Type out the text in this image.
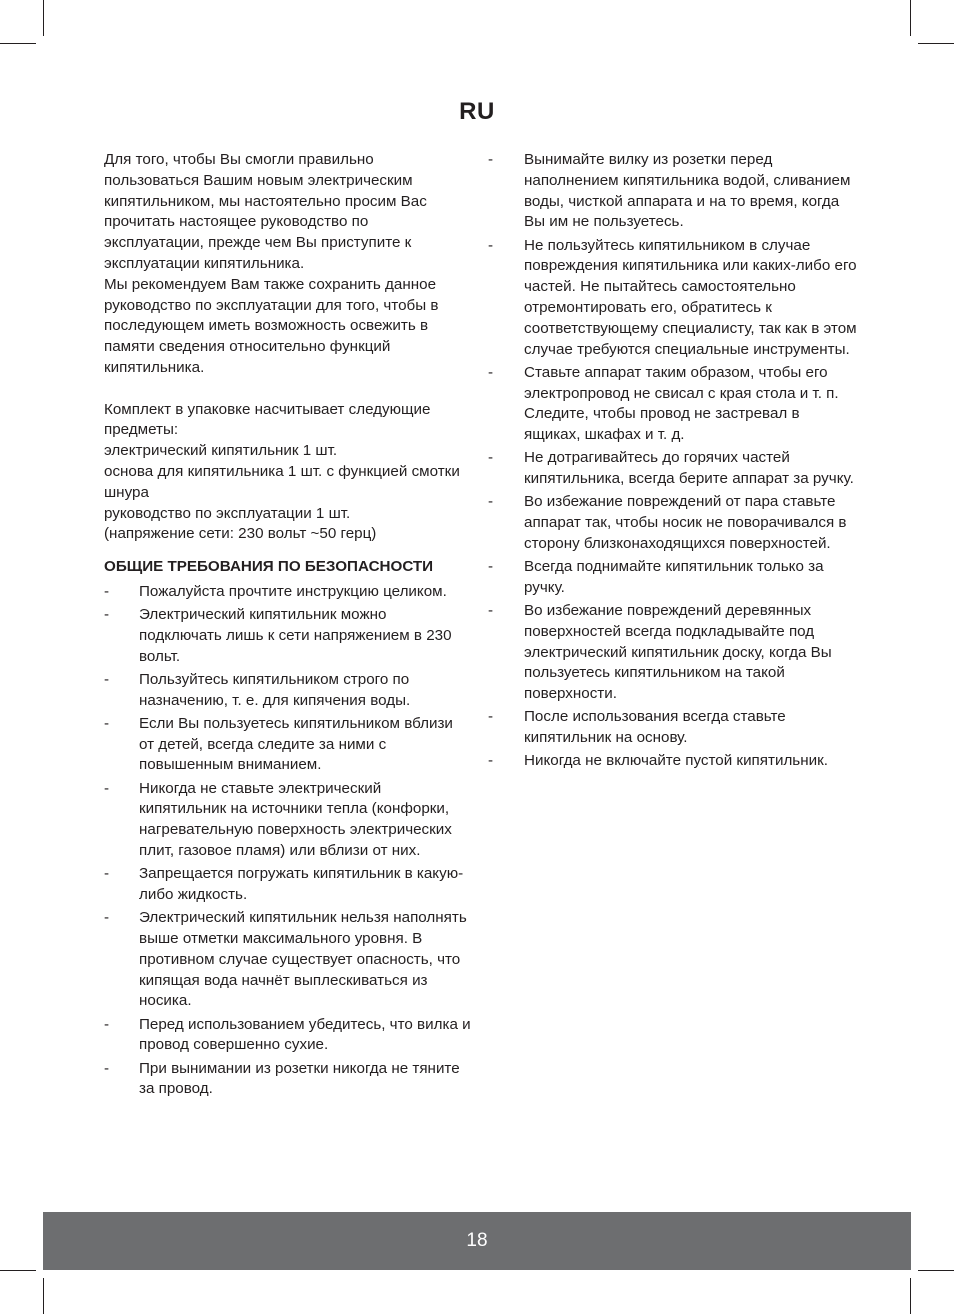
RU

Для того, чтобы Вы смогли правильно пользоваться Вашим новым электрическим кипятильником, мы настоятельно просим Вас прочитать настоящее руководство по эксплуатации, прежде чем Вы приступите к эксплуатации кипятильника.

Мы рекомендуем Вам также сохранить данное руководство по эксплуатации для того, чтобы в последующем иметь возможность освежить в памяти сведения относительно функций кипятильника.

Комплект в упаковке насчитывает следующие предметы:

электрический кипятильник 1 шт.

основа для кипятильника 1 шт. с функцией смотки шнура

руководство по эксплуатации 1 шт.

(напряжение сети: 230 вольт ~50 герц)

ОБЩИЕ ТРЕБОВАНИЯ ПО БЕЗОПАСНОСТИ
- Пожалуйста прочтите инструкцию целиком.
- Электрический кипятильник можно подключать лишь к сети напряжением в 230 вольт.
- Пользуйтесь кипятильником строго по назначению, т. е. для кипячения воды.
- Если Вы пользуетесь кипятильником вблизи от детей, всегда следите за ними с повышенным вниманием.
- Никогда не ставьте электрический кипятильник на источники тепла (конфорки, нагревательную поверхность электрических плит, газовое пламя) или вблизи от них.
- Запрещается погружать кипятильник в какую-либо жидкость.
- Электрический кипятильник нельзя наполнять выше отметки максимального уровня. В противном случае существует опасность, что кипящая вода начнёт выплескиваться из носика.
- Перед использованием убедитесь, что вилка и провод совершенно сухие.
- При вынимании из розетки никогда не тяните за провод.
- Вынимайте вилку из розетки перед наполнением кипятильника водой, сливанием воды, чисткой аппарата и на то время, когда Вы им не пользуетесь.
- Не пользуйтесь кипятильником в случае повреждения кипятильника или каких-либо его частей. Не пытайтесь самостоятельно отремонтировать его, обратитесь к соответствующему специалисту, так как в этом случае требуются специальные инструменты.
- Ставьте аппарат таким образом, чтобы его электропровод не свисал с края стола и т. п. Следите, чтобы провод не застревал в ящиках, шкафах и т. д.
- Не дотрагивайтесь до горячих частей кипятильника, всегда берите аппарат за ручку.
- Во избежание повреждений от пара ставьте аппарат так, чтобы носик не поворачивался в сторону близконаходящихся поверхностей.
- Всегда поднимайте кипятильник только за ручку.
- Во избежание повреждений деревянных поверхностей всегда подкладывайте под электрический кипятильник доску, когда Вы пользуетесь кипятильником на такой поверхности.
- После использования всегда ставьте кипятильник на основу.
- Никогда не включайте пустой кипятильник.
18
